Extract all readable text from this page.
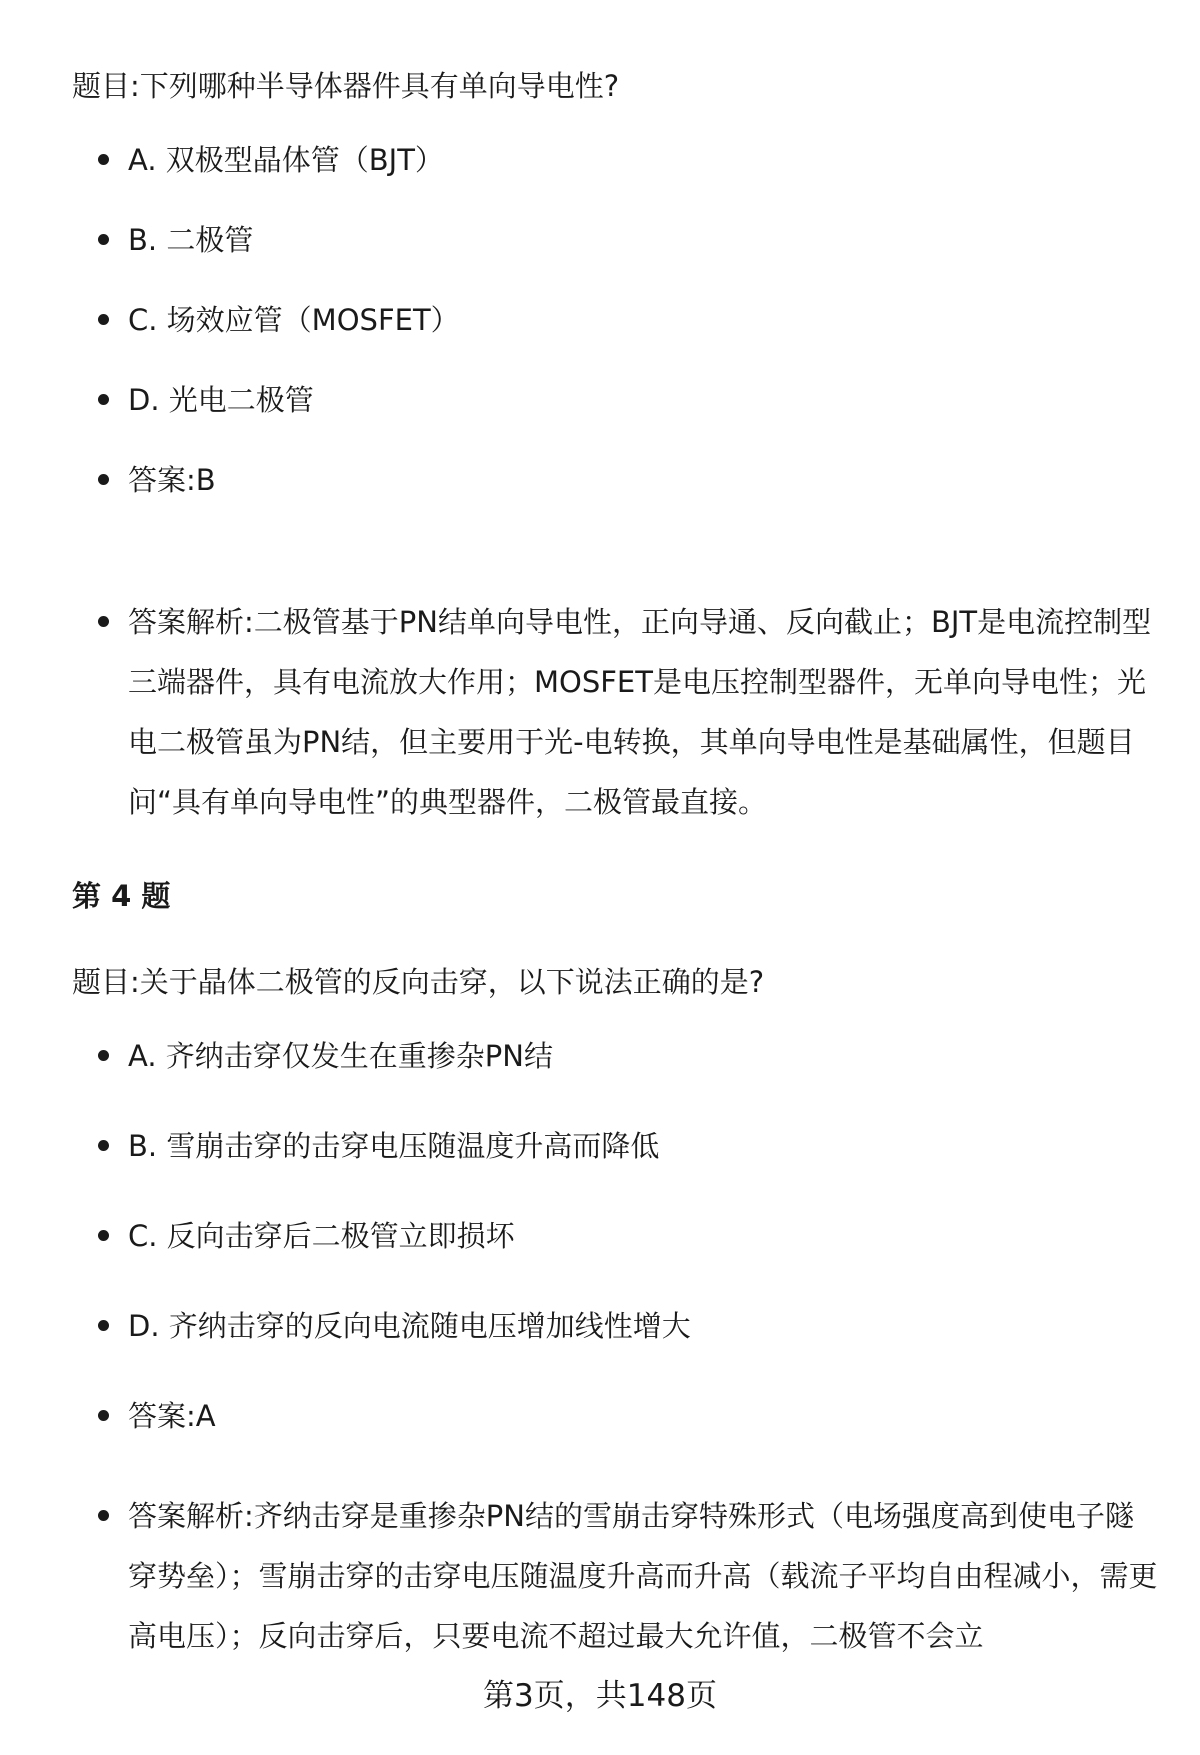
题目:下列哪种半导体器件具有单向导电性?
A. 双极型晶体管（BJT）
B. 二极管
C. 场效应管（MOSFET）
D. 光电二极管
答案:B
答案解析:二极管基于PN结单向导电性，正向导通、反向截止；BJT是电流控制型三端器件，具有电流放大作用；MOSFET是电压控制型器件，无单向导电性；光电二极管虽为PN结，但主要用于光-电转换，其单向导电性是基础属性，但题目问“具有单向导电性”的典型器件，二极管最直接。
第 4 题
题目:关于晶体二极管的反向击穿，以下说法正确的是?
A. 齐纳击穿仅发生在重掺杂PN结
B. 雪崩击穿的击穿电压随温度升高而降低
C. 反向击穿后二极管立即损坏
D. 齐纳击穿的反向电流随电压增加线性增大
答案:A
答案解析:齐纳击穿是重掺杂PN结的雪崩击穿特殊形式（电场强度高到使电子隧穿势垒）；雪崩击穿的击穿电压随温度升高而升高（载流子平均自由程减小，需更高电压）；反向击穿后，只要电流不超过最大允许值，二极管不会立
第3页，共148页
